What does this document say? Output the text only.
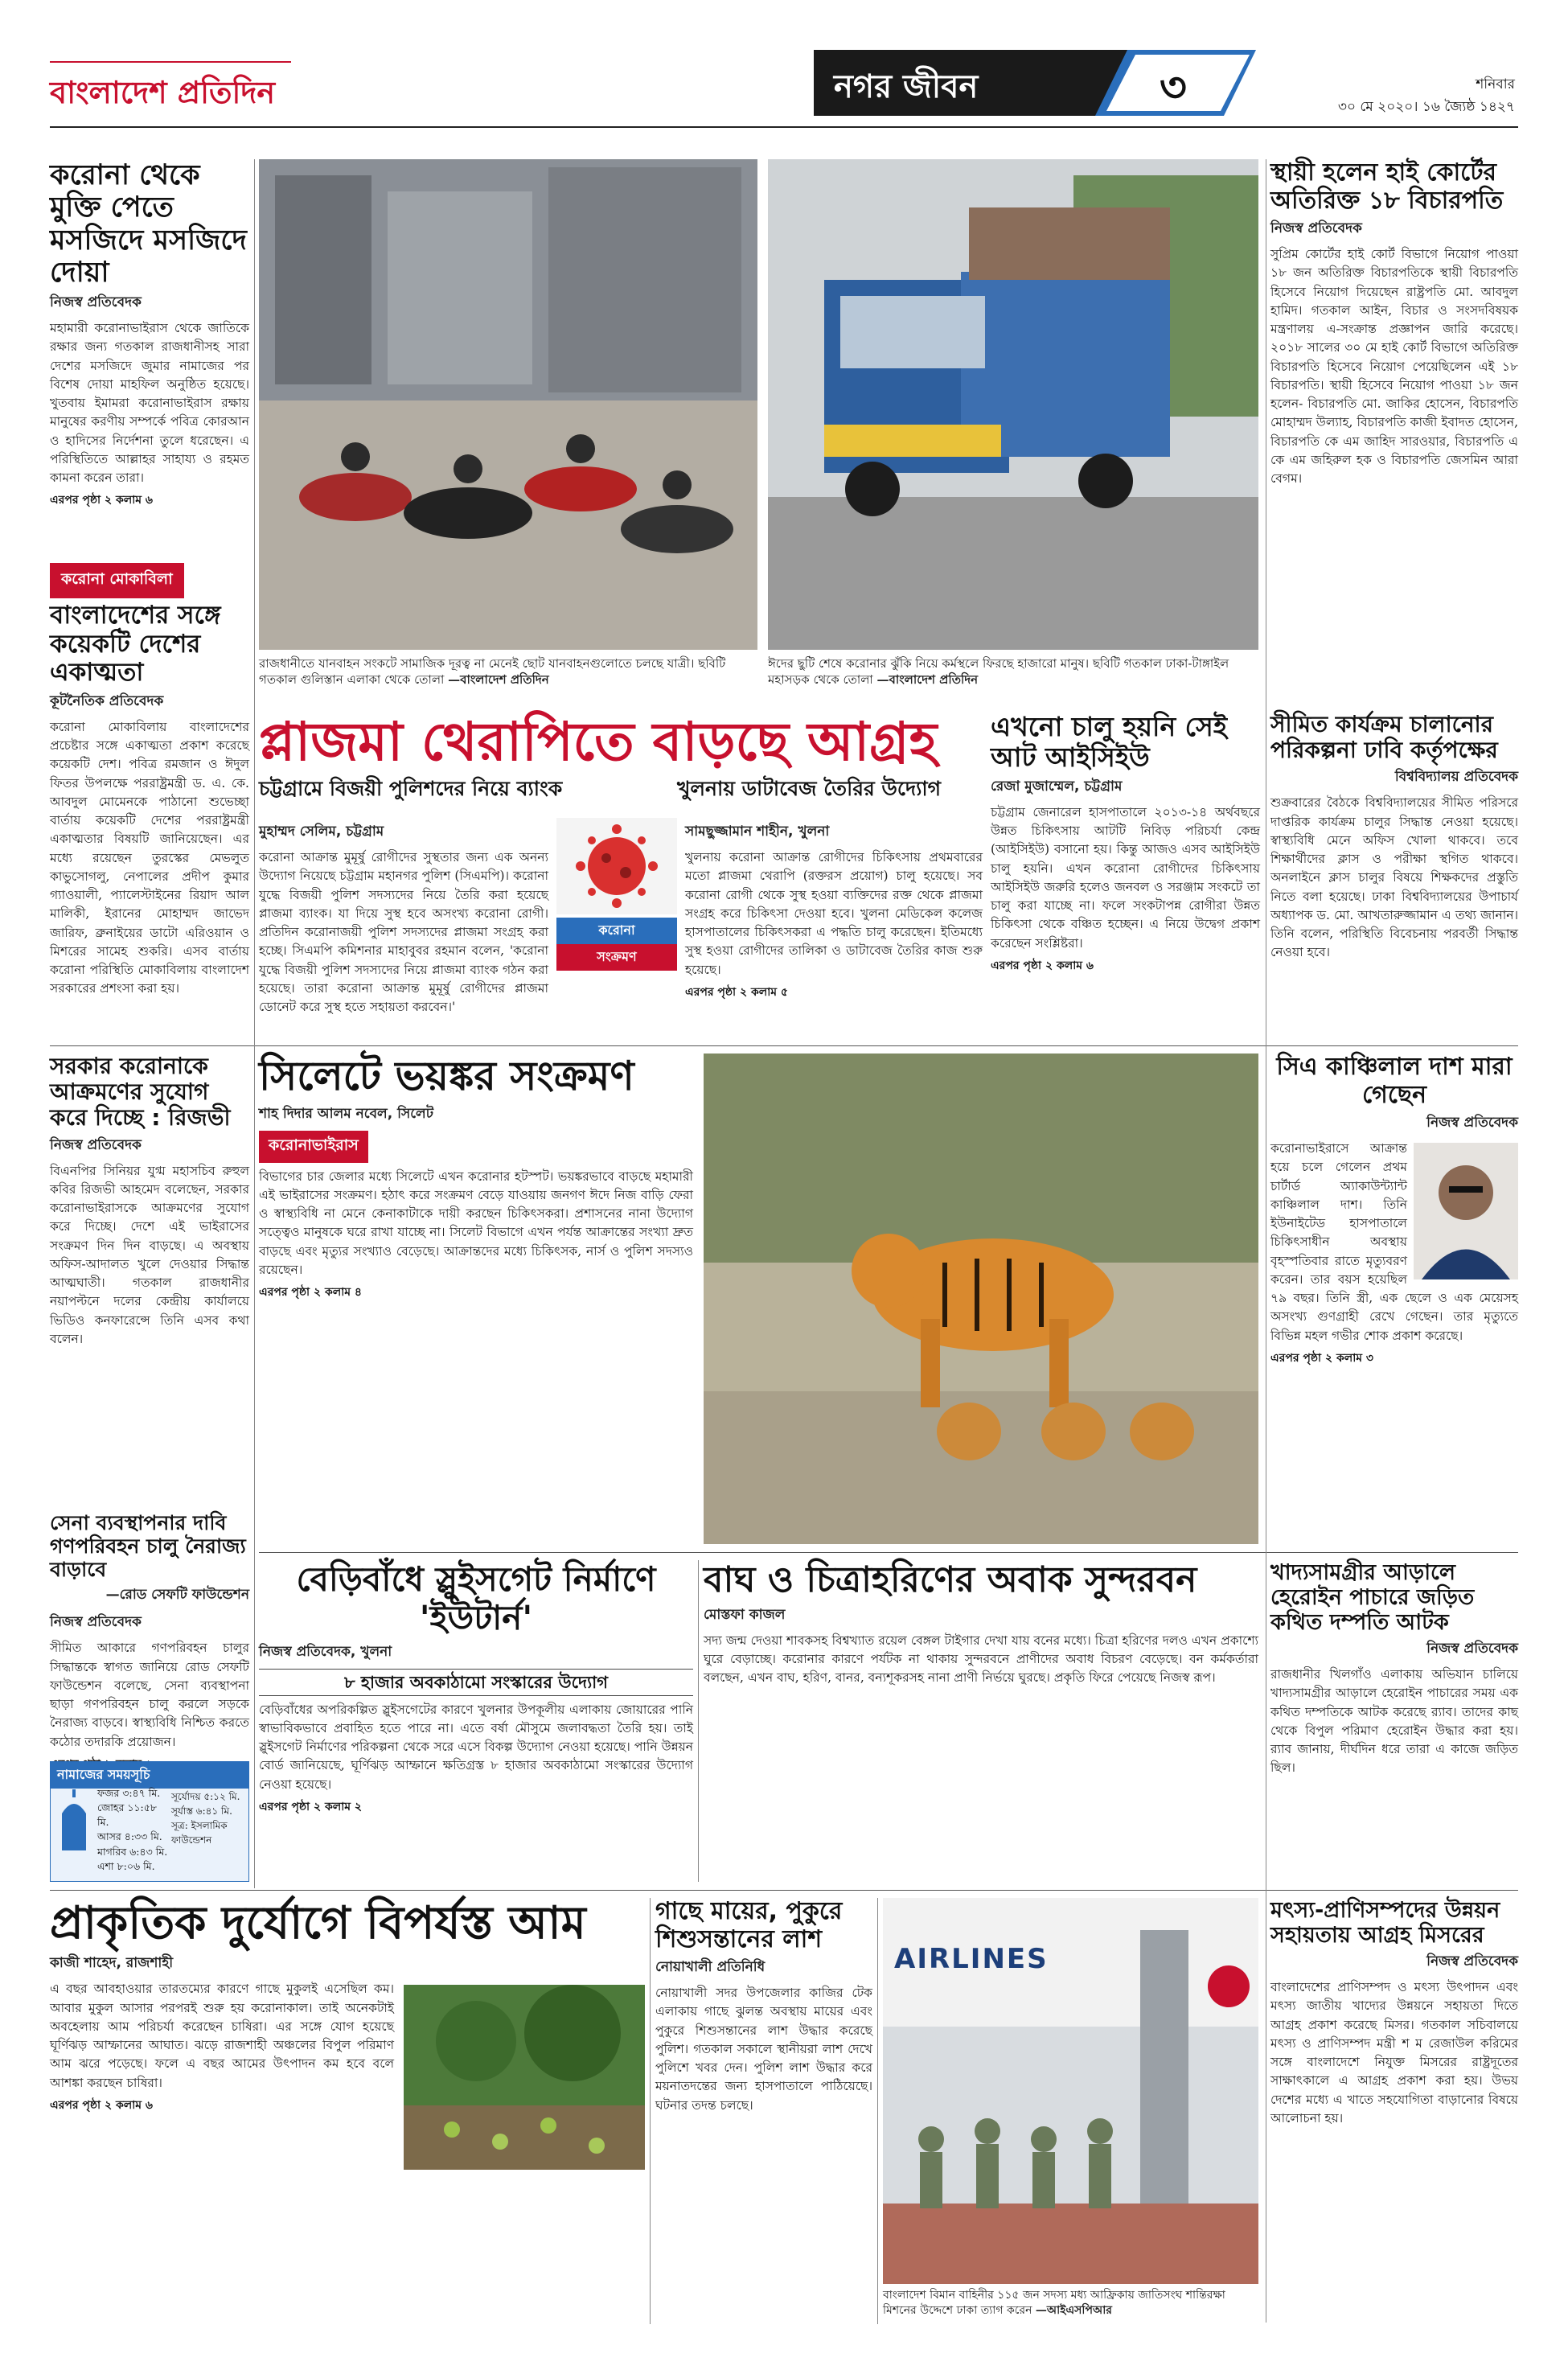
বাংলাদেশ প্রতিদিন	নগর জীবন	৩	শনিবার
৩০ মে ২০২০। ১৬ জ্যৈষ্ঠ ১৪২৭
করোনা থেকে মুক্তি পেতে মসজিদে মসজিদে দোয়া
নিজস্ব প্রতিবেদক
মহামারী করোনাভাইরাস থেকে জাতিকে রক্ষার জন্য গতকাল রাজধানীসহ সারা দেশের মসজিদে জুমার নামাজের পর বিশেষ দোয়া মাহফিল অনুষ্ঠিত হয়েছে। খুতবায় ইমামরা করোনাভাইরাস রক্ষায় মানুষের করণীয় সম্পর্কে পবিত্র কোরআন ও হাদিসের নির্দেশনা তুলে ধরেছেন। এ পরিস্থিতিতে আল্লাহর সাহায্য ও রহমত কামনা করেন তারা।
এরপর পৃষ্ঠা ২ কলাম ৬
রাজধানীতে যানবাহন সংকটে সামাজিক দূরত্ব না মেনেই ছোট যানবাহনগুলোতে চলছে যাত্রী। ছবিটি গতকাল গুলিস্তান এলাকা থেকে তোলা —বাংলাদেশ প্রতিদিন
ঈদের ছুটি শেষে করোনার ঝুঁকি নিয়ে কর্মস্থলে ফিরছে হাজারো মানুষ। ছবিটি গতকাল ঢাকা-টাঙ্গাইল মহাসড়ক থেকে তোলা —বাংলাদেশ প্রতিদিন
স্থায়ী হলেন হাই কোর্টের অতিরিক্ত ১৮ বিচারপতি
নিজস্ব প্রতিবেদক
সুপ্রিম কোর্টের হাই কোর্ট বিভাগে নিয়োগ পাওয়া ১৮ জন অতিরিক্ত বিচারপতিকে স্থায়ী বিচারপতি হিসেবে নিয়োগ দিয়েছেন রাষ্ট্রপতি মো. আবদুল হামিদ। গতকাল আইন, বিচার ও সংসদবিষয়ক মন্ত্রণালয় এ-সংক্রান্ত প্রজ্ঞাপন জারি করেছে। ২০১৮ সালের ৩০ মে হাই কোর্ট বিভাগে অতিরিক্ত বিচারপতি হিসেবে নিয়োগ পেয়েছিলেন এই ১৮ বিচারপতি। স্থায়ী হিসেবে নিয়োগ পাওয়া ১৮ জন হলেন- বিচারপতি মো. জাকির হোসেন, বিচারপতি মোহাম্মদ উল্যাহ, বিচারপতি কাজী ইবাদত হোসেন, বিচারপতি কে এম জাহিদ সারওয়ার, বিচারপতি এ কে এম জহিরুল হক ও বিচারপতি জেসমিন আরা বেগম।
করোনা মোকাবিলা
বাংলাদেশের সঙ্গে কয়েকটি দেশের একাত্মতা
কূটনৈতিক প্রতিবেদক
করোনা মোকাবিলায় বাংলাদেশের প্রচেষ্টার সঙ্গে একাত্মতা প্রকাশ করেছে কয়েকটি দেশ। পবিত্র রমজান ও ঈদুল ফিতর উপলক্ষে পররাষ্ট্রমন্ত্রী ড. এ. কে. আবদুল মোমেনকে পাঠানো শুভেচ্ছা বার্তায় কয়েকটি দেশের পররাষ্ট্রমন্ত্রী একাত্মতার বিষয়টি জানিয়েছেন। এর মধ্যে রয়েছেন তুরস্কের মেভলুত কাভুসোগলু, নেপালের প্রদীপ কুমার গ্যাওয়ালী, প্যালেস্টাইনের রিয়াদ আল মালিকী, ইরানের মোহাম্মদ জাভেদ জারিফ, ব্রুনাইয়ের ডাটো এরিওয়ান ও মিশরের সামেহ শুকরি। এসব বার্তায় করোনা পরিস্থিতি মোকাবিলায় বাংলাদেশ সরকারের প্রশংসা করা হয়।
প্লাজমা থেরাপিতে বাড়ছে আগ্রহ
চট্টগ্রামে বিজয়ী পুলিশদের নিয়ে ব্যাংক	খুলনায় ডাটাবেজ তৈরির উদ্যোগ
মুহাম্মদ সেলিম, চট্টগ্রাম
করোনা আক্রান্ত মুমূর্ষু রোগীদের সুস্থতার জন্য এক অনন্য উদ্যোগ নিয়েছে চট্টগ্রাম মহানগর পুলিশ (সিএমপি)। করোনা যুদ্ধে বিজয়ী পুলিশ সদস্যদের নিয়ে তৈরি করা হয়েছে প্লাজমা ব্যাংক। যা দিয়ে সুস্থ হবে অসংখ্য করোনা রোগী। প্রতিদিন করোনাজয়ী পুলিশ সদস্যদের প্লাজমা সংগ্রহ করা হচ্ছে। সিএমপি কমিশনার মাহাবুবর রহমান বলেন, 'করোনা যুদ্ধে বিজয়ী পুলিশ সদস্যদের নিয়ে প্লাজমা ব্যাংক গঠন করা হয়েছে। তারা করোনা আক্রান্ত মুমূর্ষু রোগীদের প্লাজমা ডোনেট করে সুস্থ হতে সহায়তা করবেন।'
করোনা
সংক্রমণ
সামছুজ্জামান শাহীন, খুলনা
খুলনায় করোনা আক্রান্ত রোগীদের চিকিৎসায় প্রথমবারের মতো প্লাজমা থেরাপি (রক্তরস প্রয়োগ) চালু হয়েছে। সব করোনা রোগী থেকে সুস্থ হওয়া ব্যক্তিদের রক্ত থেকে প্লাজমা সংগ্রহ করে চিকিৎসা দেওয়া হবে। খুলনা মেডিকেল কলেজ হাসপাতালের চিকিৎসকরা এ পদ্ধতি চালু করেছেন। ইতিমধ্যে সুস্থ হওয়া রোগীদের তালিকা ও ডাটাবেজ তৈরির কাজ শুরু হয়েছে।
এরপর পৃষ্ঠা ২ কলাম ৫
এখনো চালু হয়নি সেই আট আইসিইউ
রেজা মুজাম্মেল, চট্টগ্রাম
চট্টগ্রাম জেনারেল হাসপাতালে ২০১৩-১৪ অর্থবছরে উন্নত চিকিৎসায় আটটি নিবিড় পরিচর্যা কেন্দ্র (আইসিইউ) বসানো হয়। কিন্তু আজও এসব আইসিইউ চালু হয়নি। এখন করোনা রোগীদের চিকিৎসায় আইসিইউ জরুরি হলেও জনবল ও সরঞ্জাম সংকটে তা চালু করা যাচ্ছে না। ফলে সংকটাপন্ন রোগীরা উন্নত চিকিৎসা থেকে বঞ্চিত হচ্ছেন। এ নিয়ে উদ্বেগ প্রকাশ করেছেন সংশ্লিষ্টরা।
এরপর পৃষ্ঠা ২ কলাম ৬
সীমিত কার্যক্রম চালানোর পরিকল্পনা ঢাবি কর্তৃপক্ষের
বিশ্ববিদ্যালয় প্রতিবেদক
শুক্রবারের বৈঠকে বিশ্ববিদ্যালয়ের সীমিত পরিসরে দাপ্তরিক কার্যক্রম চালুর সিদ্ধান্ত নেওয়া হয়েছে। স্বাস্থ্যবিধি মেনে অফিস খোলা থাকবে। তবে শিক্ষার্থীদের ক্লাস ও পরীক্ষা স্থগিত থাকবে। অনলাইনে ক্লাস চালুর বিষয়ে শিক্ষকদের প্রস্তুতি নিতে বলা হয়েছে। ঢাকা বিশ্ববিদ্যালয়ের উপাচার্য অধ্যাপক ড. মো. আখতারুজ্জামান এ তথ্য জানান। তিনি বলেন, পরিস্থিতি বিবেচনায় পরবর্তী সিদ্ধান্ত নেওয়া হবে।
সরকার করোনাকে আক্রমণের সুযোগ করে দিচ্ছে : রিজভী
নিজস্ব প্রতিবেদক
বিএনপির সিনিয়র যুগ্ম মহাসচিব রুহুল কবির রিজভী আহমেদ বলেছেন, সরকার করোনাভাইরাসকে আক্রমণের সুযোগ করে দিচ্ছে। দেশে এই ভাইরাসের সংক্রমণ দিন দিন বাড়ছে। এ অবস্থায় অফিস-আদালত খুলে দেওয়ার সিদ্ধান্ত আত্মঘাতী। গতকাল রাজধানীর নয়াপল্টনে দলের কেন্দ্রীয় কার্যালয়ে ভিডিও কনফারেন্সে তিনি এসব কথা বলেন।
সিলেটে ভয়ঙ্কর সংক্রমণ
শাহ দিদার আলম নবেল, সিলেট
করোনাভাইরাস
বিভাগের চার জেলার মধ্যে সিলেটে এখন করোনার হটস্পট। ভয়ঙ্করভাবে বাড়ছে মহামারী এই ভাইরাসের সংক্রমণ। হঠাৎ করে সংক্রমণ বেড়ে যাওয়ায় জনগণ ঈদে নিজ বাড়ি ফেরা ও স্বাস্থ্যবিধি না মেনে কেনাকাটাকে দায়ী করছেন চিকিৎসকরা। প্রশাসনের নানা উদ্যোগ সত্ত্বেও মানুষকে ঘরে রাখা যাচ্ছে না। সিলেট বিভাগে এখন পর্যন্ত আক্রান্তের সংখ্যা দ্রুত বাড়ছে এবং মৃত্যুর সংখ্যাও বেড়েছে। আক্রান্তদের মধ্যে চিকিৎসক, নার্স ও পুলিশ সদস্যও রয়েছেন।
এরপর পৃষ্ঠা ২ কলাম ৪
সিএ কাঞ্চিলাল দাশ মারা গেছেন
নিজস্ব প্রতিবেদক
করোনাভাইরাসে আক্রান্ত হয়ে চলে গেলেন প্রথম চার্টার্ড অ্যাকাউন্ট্যান্ট কাঞ্চিলাল দাশ। তিনি ইউনাইটেড হাসপাতালে চিকিৎসাধীন অবস্থায় বৃহস্পতিবার রাতে মৃত্যুবরণ করেন। তার বয়স হয়েছিল ৭৯ বছর। তিনি স্ত্রী, এক ছেলে ও এক মেয়েসহ অসংখ্য গুণগ্রাহী রেখে গেছেন। তার মৃত্যুতে বিভিন্ন মহল গভীর শোক প্রকাশ করেছে।
এরপর পৃষ্ঠা ২ কলাম ৩
সেনা ব্যবস্থাপনার দাবি গণপরিবহন চালু নৈরাজ্য বাড়াবে
—রোড সেফটি ফাউন্ডেশন
নিজস্ব প্রতিবেদক
সীমিত আকারে গণপরিবহন চালুর সিদ্ধান্তকে স্বাগত জানিয়ে রোড সেফটি ফাউন্ডেশন বলেছে, সেনা ব্যবস্থাপনা ছাড়া গণপরিবহন চালু করলে সড়কে নৈরাজ্য বাড়বে। স্বাস্থ্যবিধি নিশ্চিত করতে কঠোর তদারকি প্রয়োজন।
নামাজের সময়সূচি
ফজর ৩:৪৭ মি.
জোহর ১১:৫৮ মি.
আসর ৪:৩৩ মি.
মাগরিব ৬:৪৩ মি.
এশা ৮:০৬ মি.
সূর্যোদয় ৫:১২ মি.
সূর্যাস্ত ৬:৪১ মি.
সূত্র: ইসলামিক ফাউন্ডেশন
বেড়িবাঁধে স্লুইসগেট নির্মাণে 'ইউটার্ন'
নিজস্ব প্রতিবেদক, খুলনা
৮ হাজার অবকাঠামো সংস্কারের উদ্যোগ
বেড়িবাঁধের অপরিকল্পিত স্লুইসগেটের কারণে খুলনার উপকূলীয় এলাকায় জোয়ারের পানি স্বাভাবিকভাবে প্রবাহিত হতে পারে না। এতে বর্ষা মৌসুমে জলাবদ্ধতা তৈরি হয়। তাই স্লুইসগেট নির্মাণের পরিকল্পনা থেকে সরে এসে বিকল্প উদ্যোগ নেওয়া হয়েছে। পানি উন্নয়ন বোর্ড জানিয়েছে, ঘূর্ণিঝড় আম্ফানে ক্ষতিগ্রস্ত ৮ হাজার অবকাঠামো সংস্কারের উদ্যোগ নেওয়া হয়েছে।
এরপর পৃষ্ঠা ২ কলাম ২
বাঘ ও চিত্রাহরিণের অবাক সুন্দরবন
মোস্তফা কাজল
সদ্য জন্ম দেওয়া শাবকসহ বিশ্বখ্যাত রয়েল বেঙ্গল টাইগার দেখা যায় বনের মধ্যে। চিত্রা হরিণের দলও এখন প্রকাশ্যে ঘুরে বেড়াচ্ছে। করোনার কারণে পর্যটক না থাকায় সুন্দরবনে প্রাণীদের অবাধ বিচরণ বেড়েছে। বন কর্মকর্তারা বলছেন, এখন বাঘ, হরিণ, বানর, বন্যশূকরসহ নানা প্রাণী নির্ভয়ে ঘুরছে। প্রকৃতি ফিরে পেয়েছে নিজস্ব রূপ।
খাদ্যসামগ্রীর আড়ালে হেরোইন পাচারে জড়িত কথিত দম্পতি আটক
নিজস্ব প্রতিবেদক
রাজধানীর খিলগাঁও এলাকায় অভিযান চালিয়ে খাদ্যসামগ্রীর আড়ালে হেরোইন পাচারের সময় এক কথিত দম্পতিকে আটক করেছে র‍্যাব। তাদের কাছ থেকে বিপুল পরিমাণ হেরোইন উদ্ধার করা হয়। র‍্যাব জানায়, দীর্ঘদিন ধরে তারা এ কাজে জড়িত ছিল।
প্রাকৃতিক দুর্যোগে বিপর্যস্ত আম
কাজী শাহেদ, রাজশাহী
এ বছর আবহাওয়ার তারতম্যের কারণে গাছে মুকুলই এসেছিল কম। আবার মুকুল আসার পরপরই শুরু হয় করোনাকাল। তাই অনেকটাই অবহেলায় আম পরিচর্যা করেছেন চাষিরা। এর সঙ্গে যোগ হয়েছে ঘূর্ণিঝড় আম্ফানের আঘাত। ঝড়ে রাজশাহী অঞ্চলের বিপুল পরিমাণ আম ঝরে পড়েছে। ফলে এ বছর আমের উৎপাদন কম হবে বলে আশঙ্কা করছেন চাষিরা।
এরপর পৃষ্ঠা ২ কলাম ৬
গাছে মায়ের, পুকুরে শিশুসন্তানের লাশ
নোয়াখালী প্রতিনিধি
নোয়াখালী সদর উপজেলার কাজির টেক এলাকায় গাছে ঝুলন্ত অবস্থায় মায়ের এবং পুকুরে শিশুসন্তানের লাশ উদ্ধার করেছে পুলিশ। গতকাল সকালে স্থানীয়রা লাশ দেখে পুলিশে খবর দেন। পুলিশ লাশ উদ্ধার করে ময়নাতদন্তের জন্য হাসপাতালে পাঠিয়েছে। ঘটনার তদন্ত চলছে।
AIRLINES
বাংলাদেশ বিমান বাহিনীর ১১৫ জন সদস্য মধ্য আফ্রিকায় জাতিসংঘ শান্তিরক্ষা মিশনের উদ্দেশে ঢাকা ত্যাগ করেন —আইএসপিআর
মৎস্য-প্রাণিসম্পদের উন্নয়ন সহায়তায় আগ্রহ মিসরের
নিজস্ব প্রতিবেদক
বাংলাদেশের প্রাণিসম্পদ ও মৎস্য উৎপাদন এবং মৎস্য জাতীয় খাদ্যের উন্নয়নে সহায়তা দিতে আগ্রহ প্রকাশ করেছে মিসর। গতকাল সচিবালয়ে মৎস্য ও প্রাণিসম্পদ মন্ত্রী শ ম রেজাউল করিমের সঙ্গে বাংলাদেশে নিযুক্ত মিসরের রাষ্ট্রদূতের সাক্ষাৎকালে এ আগ্রহ প্রকাশ করা হয়। উভয় দেশের মধ্যে এ খাতে সহযোগিতা বাড়ানোর বিষয়ে আলোচনা হয়।
